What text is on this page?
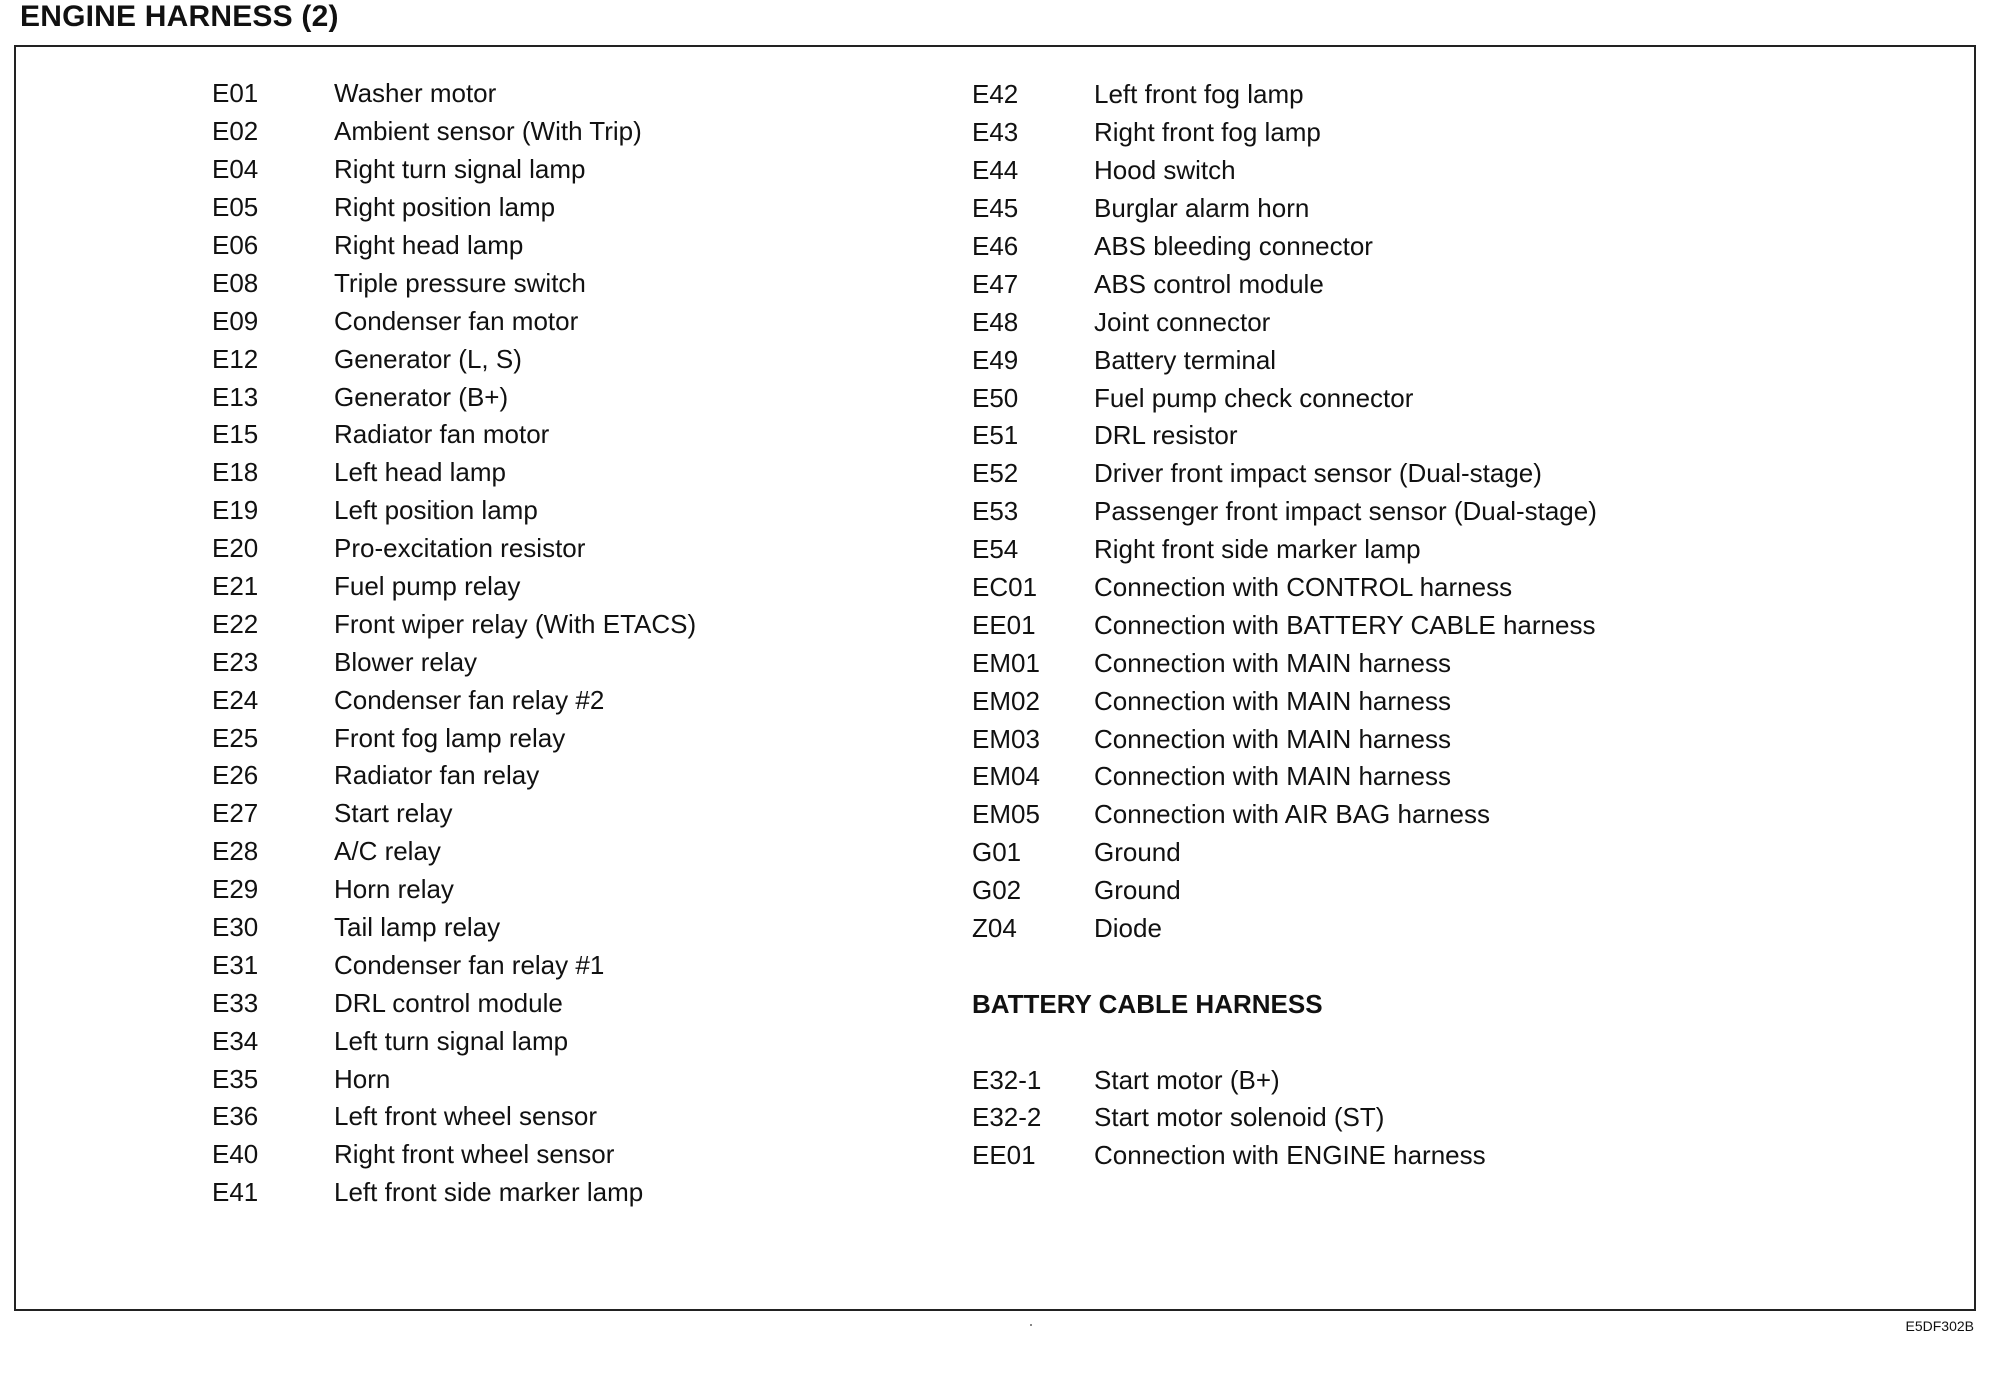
ENGINE HARNESS (2)
E01	Washer motor
E02	Ambient sensor (With Trip)
E04	Right turn signal lamp
E05	Right position lamp
E06	Right head lamp
E08	Triple pressure switch
E09	Condenser fan motor
E12	Generator (L, S)
E13	Generator (B+)
E15	Radiator fan motor
E18	Left head lamp
E19	Left position lamp
E20	Pro-excitation resistor
E21	Fuel pump relay
E22	Front wiper relay (With ETACS)
E23	Blower relay
E24	Condenser fan relay #2
E25	Front fog lamp relay
E26	Radiator fan relay
E27	Start relay
E28	A/C relay
E29	Horn relay
E30	Tail lamp relay
E31	Condenser fan relay #1
E33	DRL control module
E34	Left turn signal lamp
E35	Horn
E36	Left front wheel sensor
E40	Right front wheel sensor
E41	Left front side marker lamp
E42	Left front fog lamp
E43	Right front fog lamp
E44	Hood switch
E45	Burglar alarm horn
E46	ABS bleeding connector
E47	ABS control module
E48	Joint connector
E49	Battery terminal
E50	Fuel pump check connector
E51	DRL resistor
E52	Driver front impact sensor (Dual-stage)
E53	Passenger front impact sensor (Dual-stage)
E54	Right front side marker lamp
EC01	Connection with CONTROL harness
EE01	Connection with BATTERY CABLE harness
EM01	Connection with MAIN harness
EM02	Connection with MAIN harness
EM03	Connection with MAIN harness
EM04	Connection with MAIN harness
EM05	Connection with AIR BAG harness
G01	Ground
G02	Ground
Z04	Diode
BATTERY CABLE HARNESS
E32-1	Start motor (B+)
E32-2	Start motor solenoid (ST)
EE01	Connection with ENGINE harness
E5DF302B
